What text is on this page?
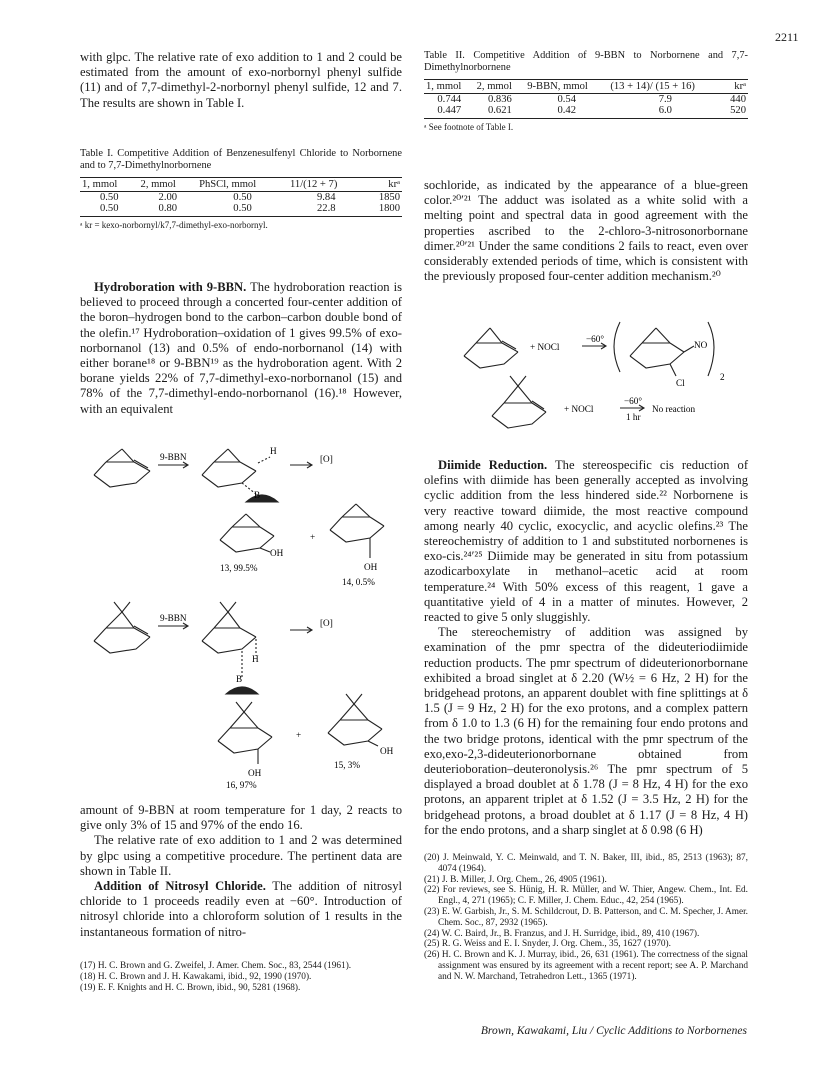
2211

with glpc. The relative rate of exo addition to 1 and 2 could be estimated from the amount of exo-norbornyl phenyl sulfide (11) and of 7,7-dimethyl-2-norbornyl phenyl sulfide, 12 and 7. The results are shown in Table I.

Table I. Competitive Addition of Benzenesulfenyl Chloride to Norbornene and to 7,7-Dimethylnorbornene

1, mmol	2, mmol	PhSCl, mmol	11/(12 + 7)	krᵃ
0.50	2.00	0.50	9.84	1850
0.50	0.80	0.50	22.8	1800

ᵃ kr = kexo-norbornyl/k7,7-dimethyl-exo-norbornyl.

Hydroboration with 9-BBN. The hydroboration reaction is believed to proceed through a concerted four-center addition of the boron–hydrogen bond to the carbon–carbon double bond of the olefin.¹⁷ Hydroboration–oxidation of 1 gives 99.5% of exo-norbornanol (13) and 0.5% of endo-norbornanol (14) with either borane¹⁸ or 9-BBN¹⁹ as the hydroboration agent. With 2 borane yields 22% of 7,7-dimethyl-exo-norbornanol (15) and 78% of the 7,7-dimethyl-endo-norbornanol (16).¹⁸ However, with an equivalent

9-BBN
H
B
[O]
OH
+
OH
13, 99.5%
14, 0.5%
9-BBN
H
B
[O]
OH
+
OH
15, 3%
16, 97%

amount of 9-BBN at room temperature for 1 day, 2 reacts to give only 3% of 15 and 97% of the endo 16.

The relative rate of exo addition to 1 and 2 was determined by glpc using a competitive procedure. The pertinent data are shown in Table II.

Addition of Nitrosyl Chloride. The addition of nitrosyl chloride to 1 proceeds readily even at −60°. Introduction of nitrosyl chloride into a chloroform solution of 1 results in the instantaneous formation of nitro-

(17) H. C. Brown and G. Zweifel, J. Amer. Chem. Soc., 83, 2544 (1961).

(18) H. C. Brown and J. H. Kawakami, ibid., 92, 1990 (1970).

(19) E. F. Knights and H. C. Brown, ibid., 90, 5281 (1968).

Table II. Competitive Addition of 9-BBN to Norbornene and 7,7-Dimethylnorbornene

1, mmol	2, mmol	9-BBN, mmol	(13 + 14)/ (15 + 16)	krᵃ
0.744	0.836	0.54	7.9	440
0.447	0.621	0.42	6.0	520

ᵃ See footnote of Table I.

sochloride, as indicated by the appearance of a blue-green color.²⁰ʹ²¹ The adduct was isolated as a white solid with a melting point and spectral data in good agreement with the properties ascribed to the 2-chloro-3-nitrosonorbornane dimer.²⁰ʹ²¹ Under the same conditions 2 fails to react, even over considerably extended periods of time, which is consistent with the previously proposed four-center addition mechanism.²⁰

+ NOCl
−60°
NO
Cl
2
+ NOCl
−60°
1 hr
No reaction

Diimide Reduction. The stereospecific cis reduction of olefins with diimide has been generally accepted as involving cyclic addition from the less hindered side.²² Norbornene is very reactive toward diimide, the most reactive compound among nearly 40 cyclic, exocyclic, and acyclic olefins.²³ The stereochemistry of addition to 1 and substituted norbornenes is exo-cis.²⁴ʹ²⁵ Diimide may be generated in situ from potassium azodicarboxylate in methanol–acetic acid at room temperature.²⁴ With 50% excess of this reagent, 1 gave a quantitative yield of 4 in a matter of minutes. However, 2 reacted to give 5 only sluggishly.

The stereochemistry of addition was assigned by examination of the pmr spectra of the dideuteriodiimide reduction products. The pmr spectrum of dideuterionorbornane exhibited a broad singlet at δ 2.20 (W½ = 6 Hz, 2 H) for the bridgehead protons, an apparent doublet with fine splittings at δ 1.5 (J = 9 Hz, 2 H) for the exo protons, and a complex pattern from δ 1.0 to 1.3 (6 H) for the remaining four endo protons and the two bridge protons, identical with the pmr spectrum of the exo,exo-2,3-dideuterionorbornane obtained from deuterioboration–deuteronolysis.²⁶ The pmr spectrum of 5 displayed a broad doublet at δ 1.78 (J = 8 Hz, 4 H) for the exo protons, an apparent triplet at δ 1.52 (J = 3.5 Hz, 2 H) for the bridgehead protons, a broad doublet at δ 1.17 (J = 8 Hz, 4 H) for the endo protons, and a sharp singlet at δ 0.98 (6 H)

(20) J. Meinwald, Y. C. Meinwald, and T. N. Baker, III, ibid., 85, 2513 (1963); 87, 4074 (1964).

(21) J. B. Miller, J. Org. Chem., 26, 4905 (1961).

(22) For reviews, see S. Hünig, H. R. Müller, and W. Thier, Angew. Chem., Int. Ed. Engl., 4, 271 (1965); C. F. Miller, J. Chem. Educ., 42, 254 (1965).

(23) E. W. Garbish, Jr., S. M. Schildcrout, D. B. Patterson, and C. M. Specher, J. Amer. Chem. Soc., 87, 2932 (1965).

(24) W. C. Baird, Jr., B. Franzus, and J. H. Surridge, ibid., 89, 410 (1967).

(25) R. G. Weiss and E. I. Snyder, J. Org. Chem., 35, 1627 (1970).

(26) H. C. Brown and K. J. Murray, ibid., 26, 631 (1961). The correctness of the signal assignment was ensured by its agreement with a recent report; see A. P. Marchand and N. W. Marchand, Tetrahedron Lett., 1365 (1971).

Brown, Kawakami, Liu / Cyclic Additions to Norbornenes
